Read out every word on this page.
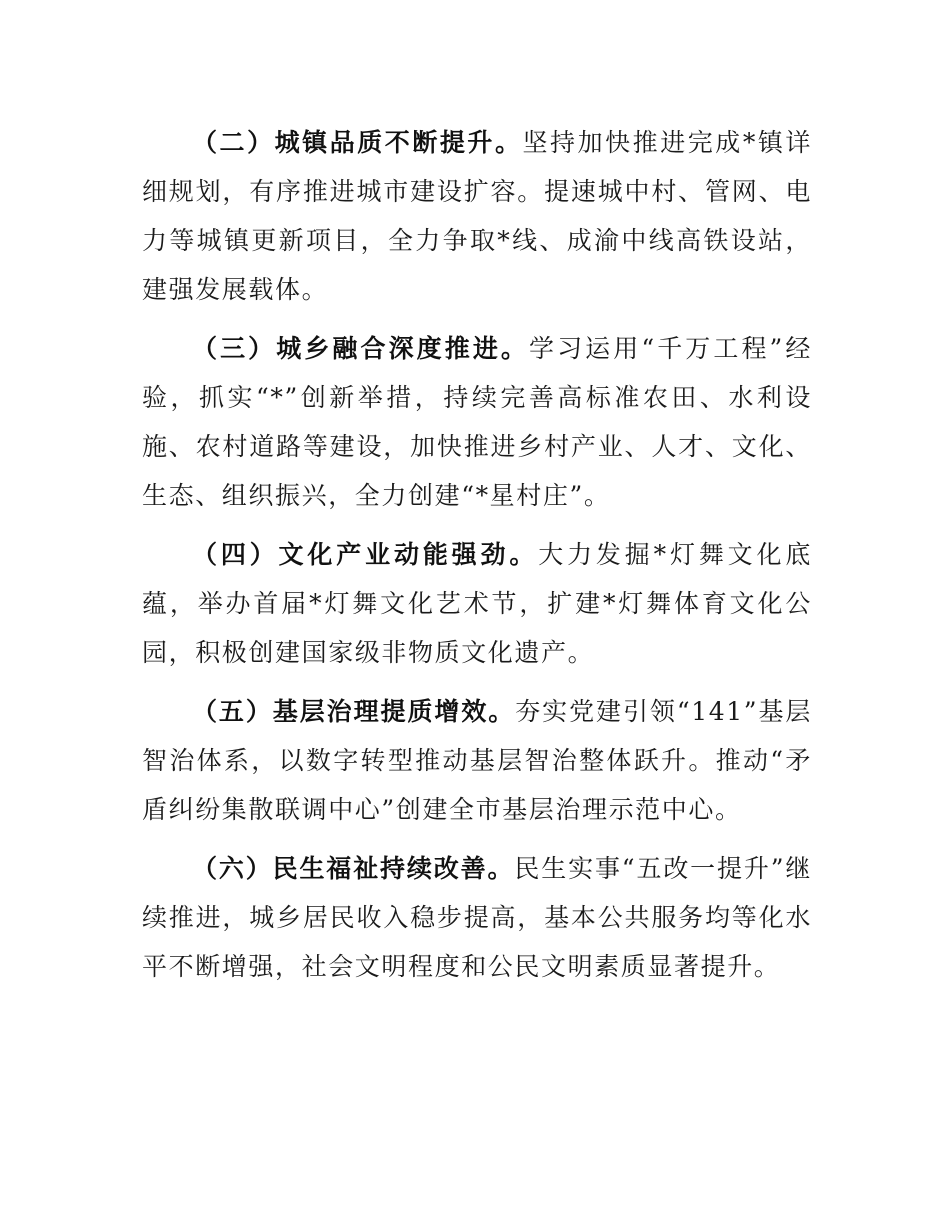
（二）城镇品质不断提升。坚持加快推进完成*镇详细规划，有序推进城市建设扩容。提速城中村、管网、电力等城镇更新项目，全力争取*线、成渝中线高铁设站，建强发展载体。

（三）城乡融合深度推进。学习运用“千万工程”经验，抓实“*”创新举措，持续完善高标准农田、水利设施、农村道路等建设，加快推进乡村产业、人才、文化、生态、组织振兴，全力创建“*星村庄”。

（四）文化产业动能强劲。大力发掘*灯舞文化底蕴，举办首届*灯舞文化艺术节，扩建*灯舞体育文化公园，积极创建国家级非物质文化遗产。

（五）基层治理提质增效。夯实党建引领“141”基层智治体系，以数字转型推动基层智治整体跃升。推动“矛盾纠纷集散联调中心”创建全市基层治理示范中心。

（六）民生福祉持续改善。民生实事“五改一提升”继续推进，城乡居民收入稳步提高，基本公共服务均等化水平不断增强，社会文明程度和公民文明素质显著提升。
